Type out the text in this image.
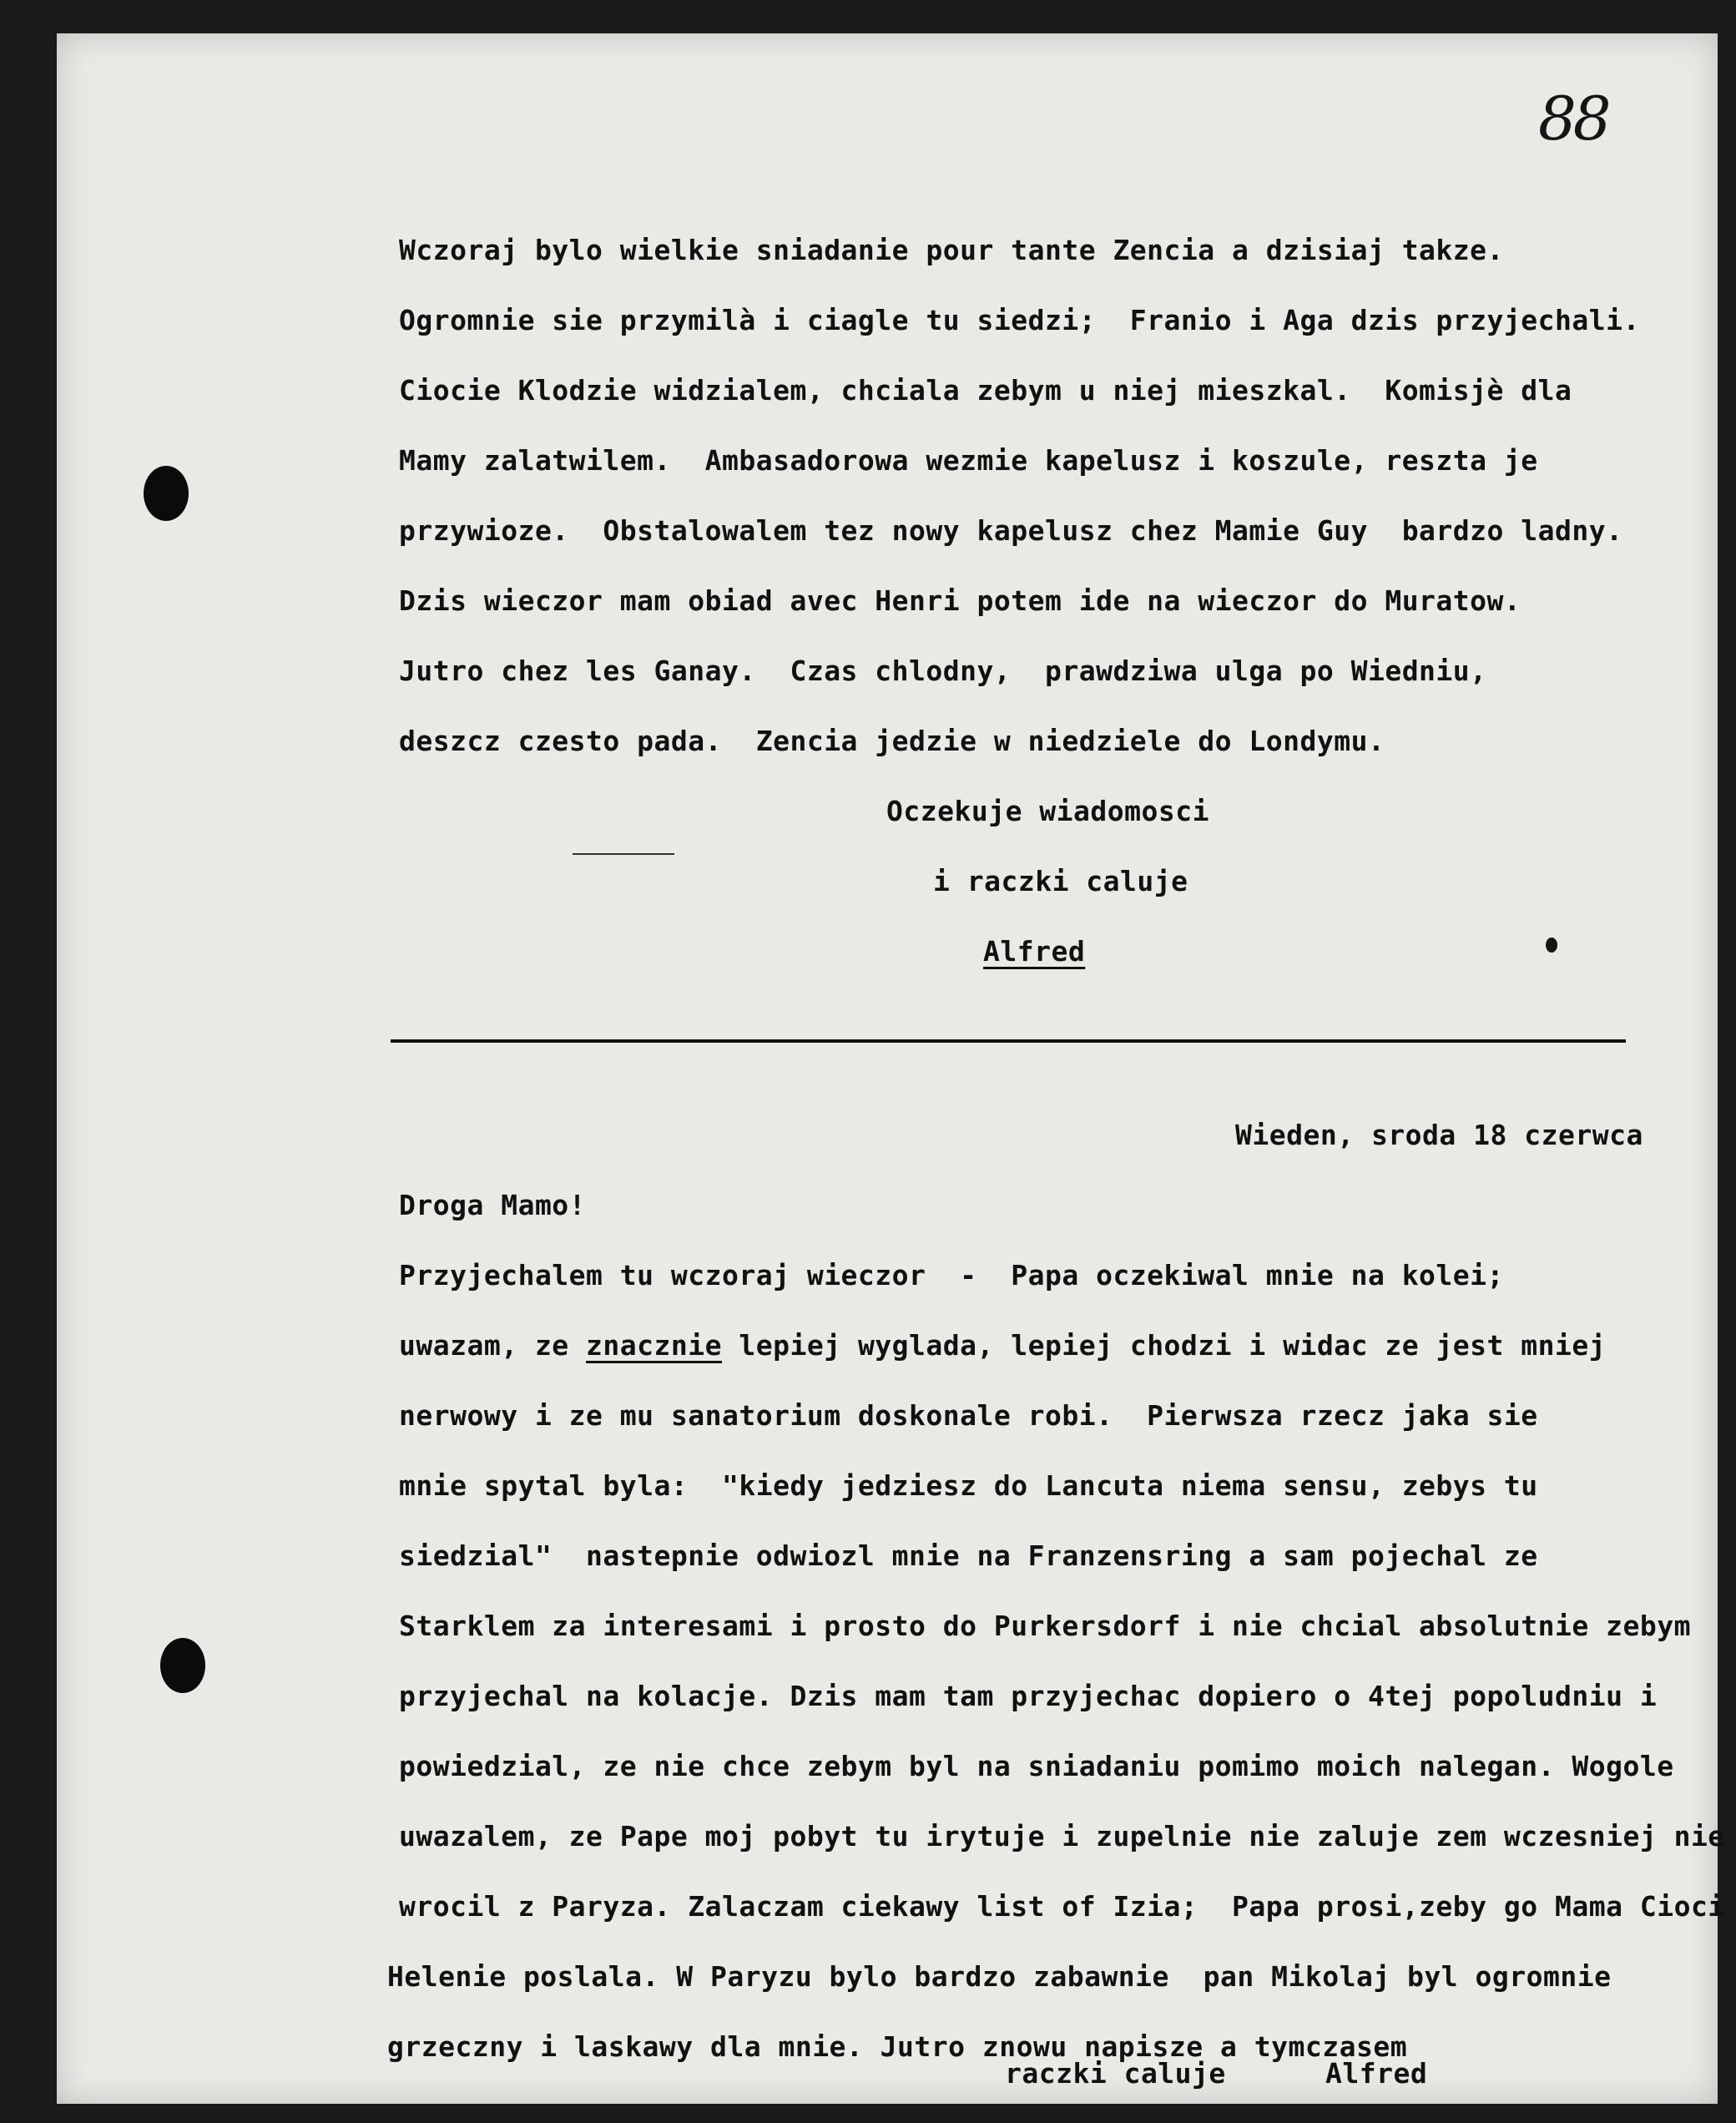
88
Wczoraj bylo wielkie sniadanie pour tante Zencia a dzisiaj takze.
Ogromnie sie przymilà i ciagle tu siedzi;  Franio i Aga dzis przyjechali.
Ciocie Klodzie widzialem, chciala zebym u niej mieszkal.  Komisjè dla
Mamy zalatwilem.  Ambasadorowa wezmie kapelusz i koszule, reszta je
przywioze.  Obstalowalem tez nowy kapelusz chez Mamie Guy  bardzo ladny.
Dzis wieczor mam obiad avec Henri potem ide na wieczor do Muratow.
Jutro chez les Ganay.  Czas chlodny,  prawdziwa ulga po Wiedniu,
deszcz czesto pada.  Zencia jedzie w niedziele do Londymu.
Oczekuje wiadomosci
i raczki caluje
Alfred
Wieden, sroda 18 czerwca
Droga Mamo!
Przyjechalem tu wczoraj wieczor  -  Papa oczekiwal mnie na kolei;
uwazam, ze znacznie lepiej wyglada, lepiej chodzi i widac ze jest mniej
nerwowy i ze mu sanatorium doskonale robi.  Pierwsza rzecz jaka sie
mnie spytal byla:  "kiedy jedziesz do Lancuta niema sensu, zebys tu
siedzial"  nastepnie odwiozl mnie na Franzensring a sam pojechal ze
Starklem za interesami i prosto do Purkersdorf i nie chcial absolutnie zebym
przyjechal na kolacje. Dzis mam tam przyjechac dopiero o 4tej popoludniu i
powiedzial, ze nie chce zebym byl na sniadaniu pomimo moich nalegan. Wogole
uwazalem, ze Pape moj pobyt tu irytuje i zupelnie nie zaluje zem wczesniej nie
wrocil z Paryza. Zalaczam ciekawy list of Izia;  Papa prosi,zeby go Mama Cioci
Helenie poslala. W Paryzu bylo bardzo zabawnie  pan Mikolaj byl ogromnie
grzeczny i laskawy dla mnie. Jutro znowu napisze a tymczasem
raczki caluje	Alfred
